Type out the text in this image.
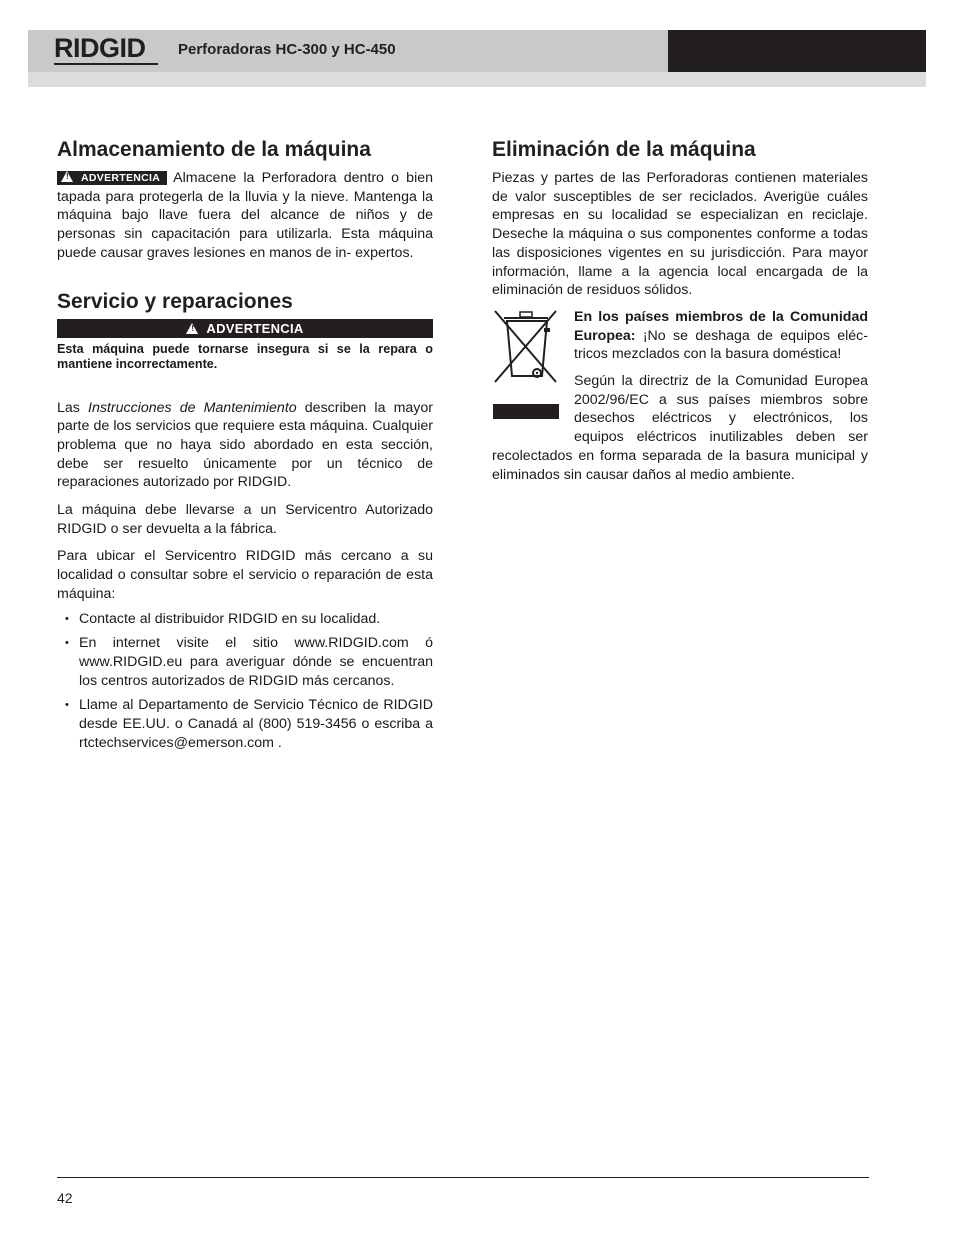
RIDGID Perforadoras HC-300 y HC-450
Almacenamiento de la máquina

! ADVERTENCIA Almacene la Perforadora dentro o bien tapada para protegerla de la lluvia y la nieve. Mantenga la máquina bajo llave fuera del alcance de niños y de personas sin capacitación para utilizarla. Esta máquina puede causar graves lesiones en manos de in- expertos.

Servicio y reparaciones
! ADVERTENCIA
Esta máquina puede tornarse insegura si se la repara o mantiene incorrectamente.

Las Instrucciones de Mantenimiento describen la mayor parte de los servicios que requiere esta máquina. Cualquier problema que no haya sido abordado en esta sección, debe ser resuelto únicamente por un técnico de reparaciones autorizado por RIDGID.

La máquina debe llevarse a un Servicentro Autorizado RIDGID o ser devuelta a la fábrica.

Para ubicar el Servicentro RIDGID más cercano a su localidad o consultar sobre el servicio o reparación de esta máquina:

• Contacte al distribuidor RIDGID en su localidad.
• En internet visite el sitio www.RIDGID.com ó www.RIDGID.eu para averiguar dónde se encuentran los centros autorizados de RIDGID más cercanos.
• Llame al Departamento de Servicio Técnico de RIDGID desde EE.UU. o Canadá al (800) 519-3456 o escriba a rtctechservices@emerson.com .
Eliminación de la máquina

Piezas y partes de las Perforadoras contienen materiales de valor susceptibles de ser reciclados. Averigüe cuáles empresas en su localidad se especializan en reciclaje. Deseche la máquina o sus componentes conforme a todas las disposiciones vigentes en su jurisdicción. Para mayor información, llame a la agencia local encargada de la eliminación de residuos sólidos.

En los países miembros de la Comunidad Europea: ¡No se deshaga de equipos eléc- tricos mezclados con la basura doméstica!

Según la directriz de la Comunidad Europea 2002/96/EC a sus países miembros sobre desechos eléctricos y electrónicos, los equipos eléctricos inutilizables deben ser recolectados en forma separada de la basura municipal y eliminados sin causar daños al medio ambiente.

42
